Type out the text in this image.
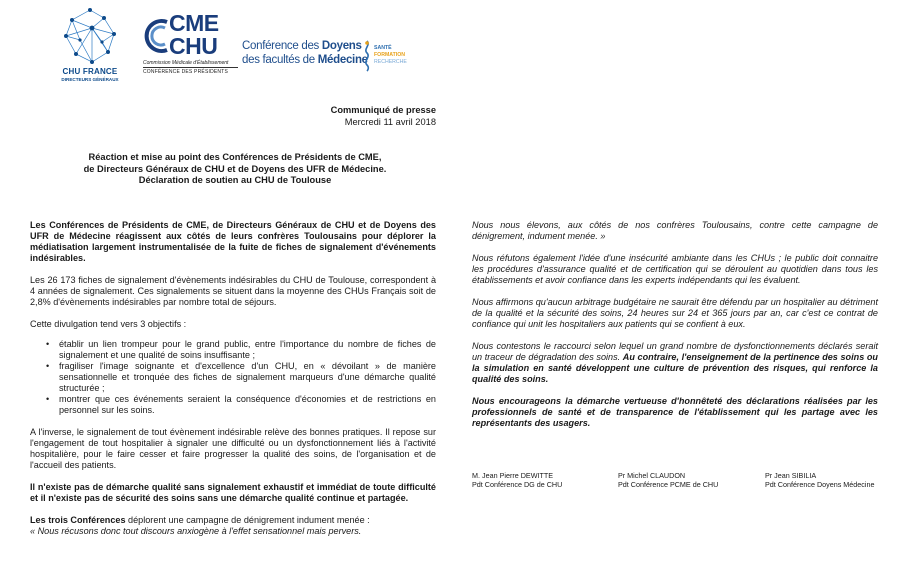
CHU FRANCE
DIRECTEURS GÉNÉRAUX
CME
CHU
Commission Médicale d'Établissement
CONFÉRENCE DES PRÉSIDENTS
Conférence des Doyens
des facultés de Médecine
SANTÉ
FORMATION
RECHERCHE
Communiqué de presse
Mercredi 11 avril 2018
Réaction et mise au point des Conférences de Présidents de CME,
de Directeurs Généraux de CHU et de Doyens des UFR de Médecine.
Déclaration de soutien au CHU de Toulouse

Les Conférences de Présidents de CME, de Directeurs Généraux de CHU et de Doyens des UFR de Médecine réagissent aux côtés de leurs confrères Toulousains pour déplorer la médiatisation largement instrumentalisée de la fuite de fiches de signalement d'événements indésirables.

Les 26 173 fiches de signalement d'évènements indésirables du CHU de Toulouse, correspondent à 4 années de signalement. Ces signalements se situent dans la moyenne des CHUs Français soit de 2,8% d'évènements indésirables par nombre total de séjours.

Cette divulgation tend vers 3 objectifs :

• établir un lien trompeur pour le grand public, entre l'importance du nombre de fiches de signalement et une qualité de soins insuffisante ;
• fragiliser l'image soignante et d'excellence d'un CHU, en « dévoilant » de manière sensationnelle et tronquée des fiches de signalement marqueurs d'une démarche qualité structurée ;
• montrer que ces événements seraient la conséquence d'économies et de restrictions en personnel sur les soins.

A l'inverse, le signalement de tout évènement indésirable relève des bonnes pratiques. Il repose sur l'engagement de tout hospitalier à signaler une difficulté ou un dysfonctionnement liés à l'activité hospitalière, pour le faire cesser et faire progresser la qualité des soins, de l'organisation et de l'accueil des patients.

Il n'existe pas de démarche qualité sans signalement exhaustif et immédiat de toute difficulté et il n'existe pas de sécurité des soins sans une démarche qualité continue et partagée.

Les trois Conférences déplorent une campagne de dénigrement indument menée :
« Nous récusons donc tout discours anxiogène à l'effet sensationnel mais pervers.

Nous nous élevons, aux côtés de nos confrères Toulousains, contre cette campagne de dénigrement, indument menée. »

Nous réfutons également l'idée d'une insécurité ambiante dans les CHUs ; le public doit connaitre les procédures d'assurance qualité et de certification qui se déroulent au quotidien dans tous les établissements et avoir confiance dans les experts indépendants qui les évaluent.

Nous affirmons qu'aucun arbitrage budgétaire ne saurait être défendu par un hospitalier au détriment de la qualité et la sécurité des soins, 24 heures sur 24 et 365 jours par an, car c'est ce contrat de confiance qui unit les hospitaliers aux patients qui se confient à eux.

Nous contestons le raccourci selon lequel un grand nombre de dysfonctionnements déclarés serait un traceur de dégradation des soins. Au contraire, l'enseignement de la pertinence des soins ou la simulation en santé développent une culture de prévention des risques, qui renforce la qualité des soins.

Nous encourageons la démarche vertueuse d'honnêteté des déclarations réalisées par les professionnels de santé et de transparence de l'établissement qui les partage avec les représentants des usagers.

M. Jean Pierre DEWITTE
Pdt Conférence DG de CHU
Pr Michel CLAUDON
Pdt Conférence PCME de CHU
Pr Jean SIBILIA
Pdt Conférence Doyens Médecine
